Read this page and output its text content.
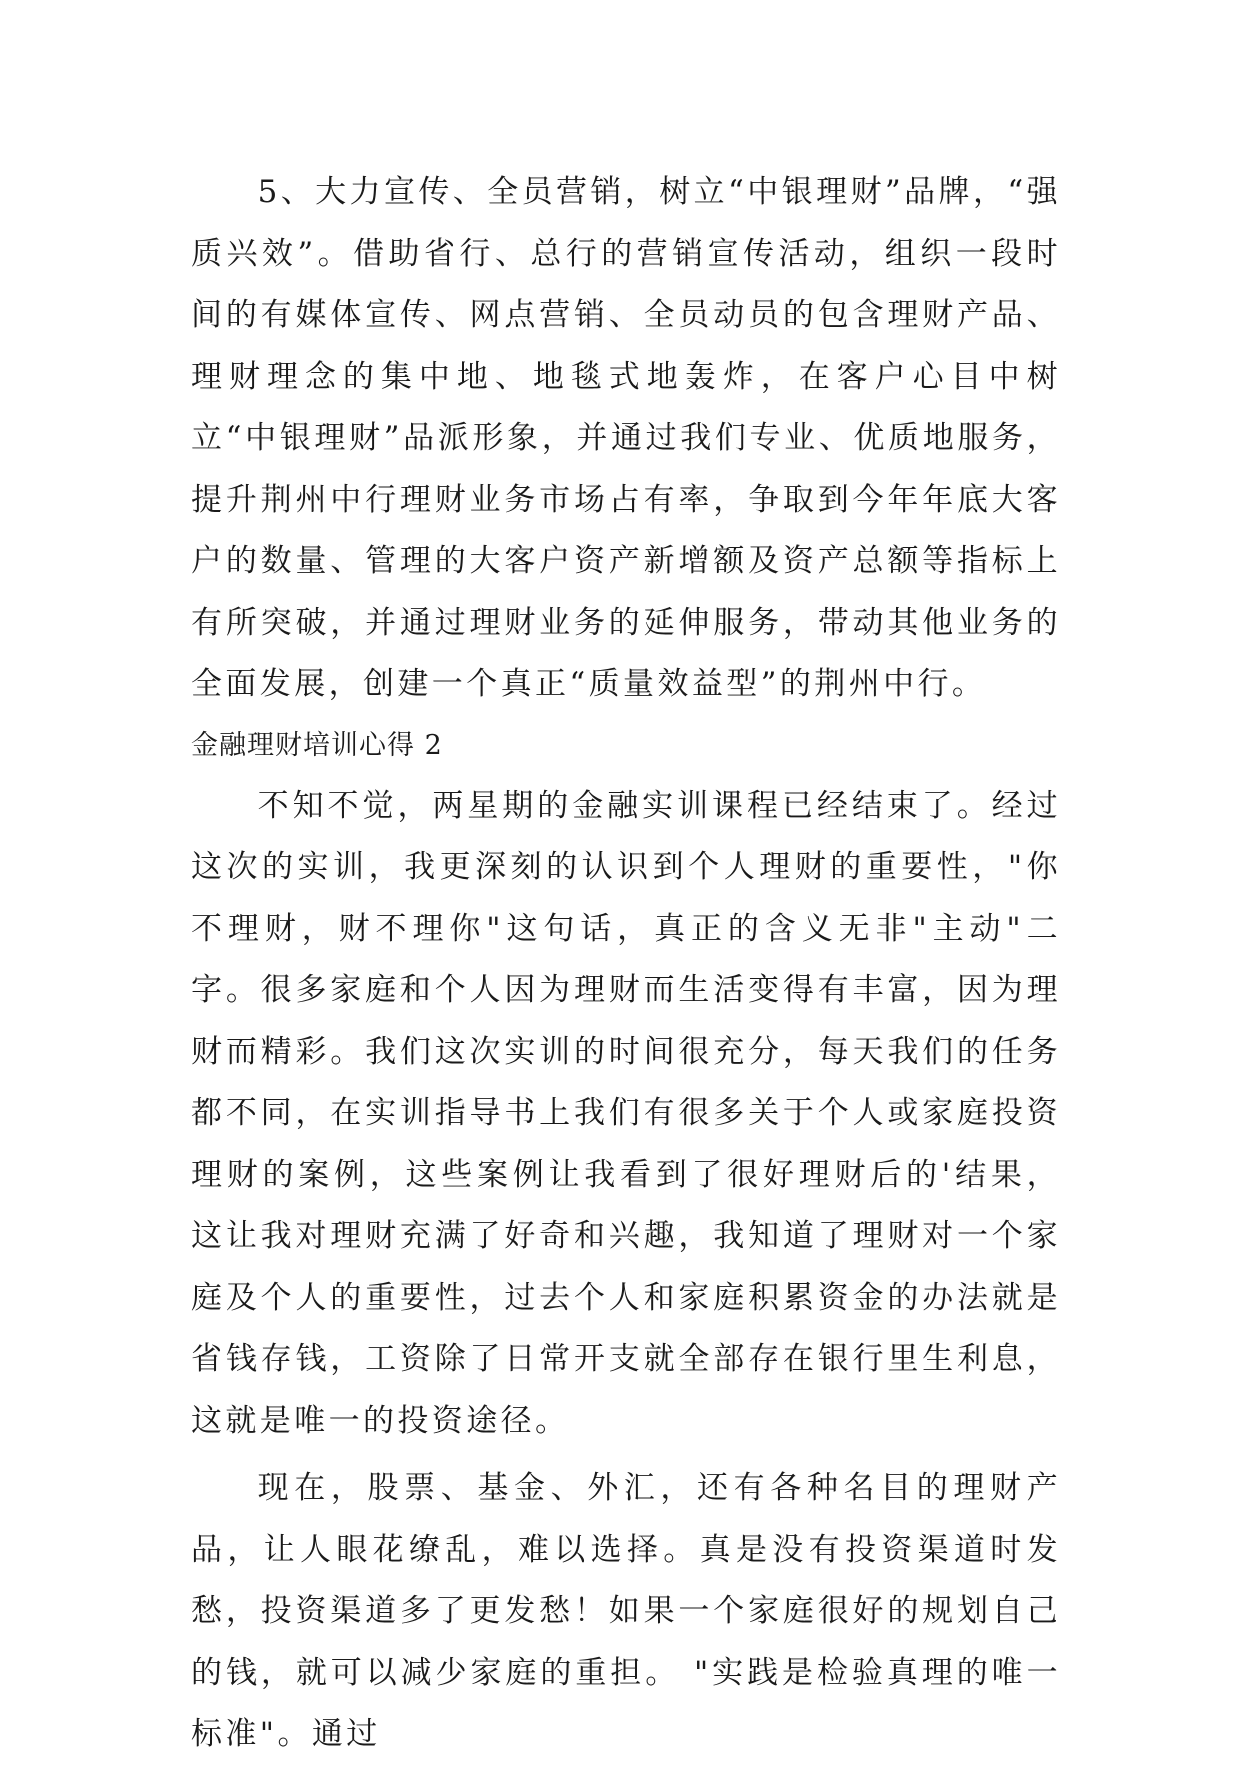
5、大力宣传、全员营销，树立“中银理财”品牌，“强质兴效”。借助省行、总行的营销宣传活动，组织一段时间的有媒体宣传、网点营销、全员动员的包含理财产品、理财理念的集中地、地毯式地轰炸，在客户心目中树立“中银理财”品派形象，并通过我们专业、优质地服务，提升荆州中行理财业务市场占有率，争取到今年年底大客户的数量、管理的大客户资产新增额及资产总额等指标上有所突破，并通过理财业务的延伸服务，带动其他业务的全面发展，创建一个真正“质量效益型”的荆州中行。

金融理财培训心得 2

不知不觉，两星期的金融实训课程已经结束了。经过这次的实训，我更深刻的认识到个人理财的重要性，"你不理财，财不理你"这句话，真正的含义无非"主动"二字。很多家庭和个人因为理财而生活变得有丰富，因为理财而精彩。我们这次实训的时间很充分，每天我们的任务都不同，在实训指导书上我们有很多关于个人或家庭投资理财的案例，这些案例让我看到了很好理财后的'结果，这让我对理财充满了好奇和兴趣，我知道了理财对一个家庭及个人的重要性，过去个人和家庭积累资金的办法就是省钱存钱，工资除了日常开支就全部存在银行里生利息，这就是唯一的投资途径。

现在，股票、基金、外汇，还有各种名目的理财产品，让人眼花缭乱，难以选择。真是没有投资渠道时发愁，投资渠道多了更发愁！如果一个家庭很好的规划自己的钱，就可以减少家庭的重担。 "实践是检验真理的唯一标准"。通过
